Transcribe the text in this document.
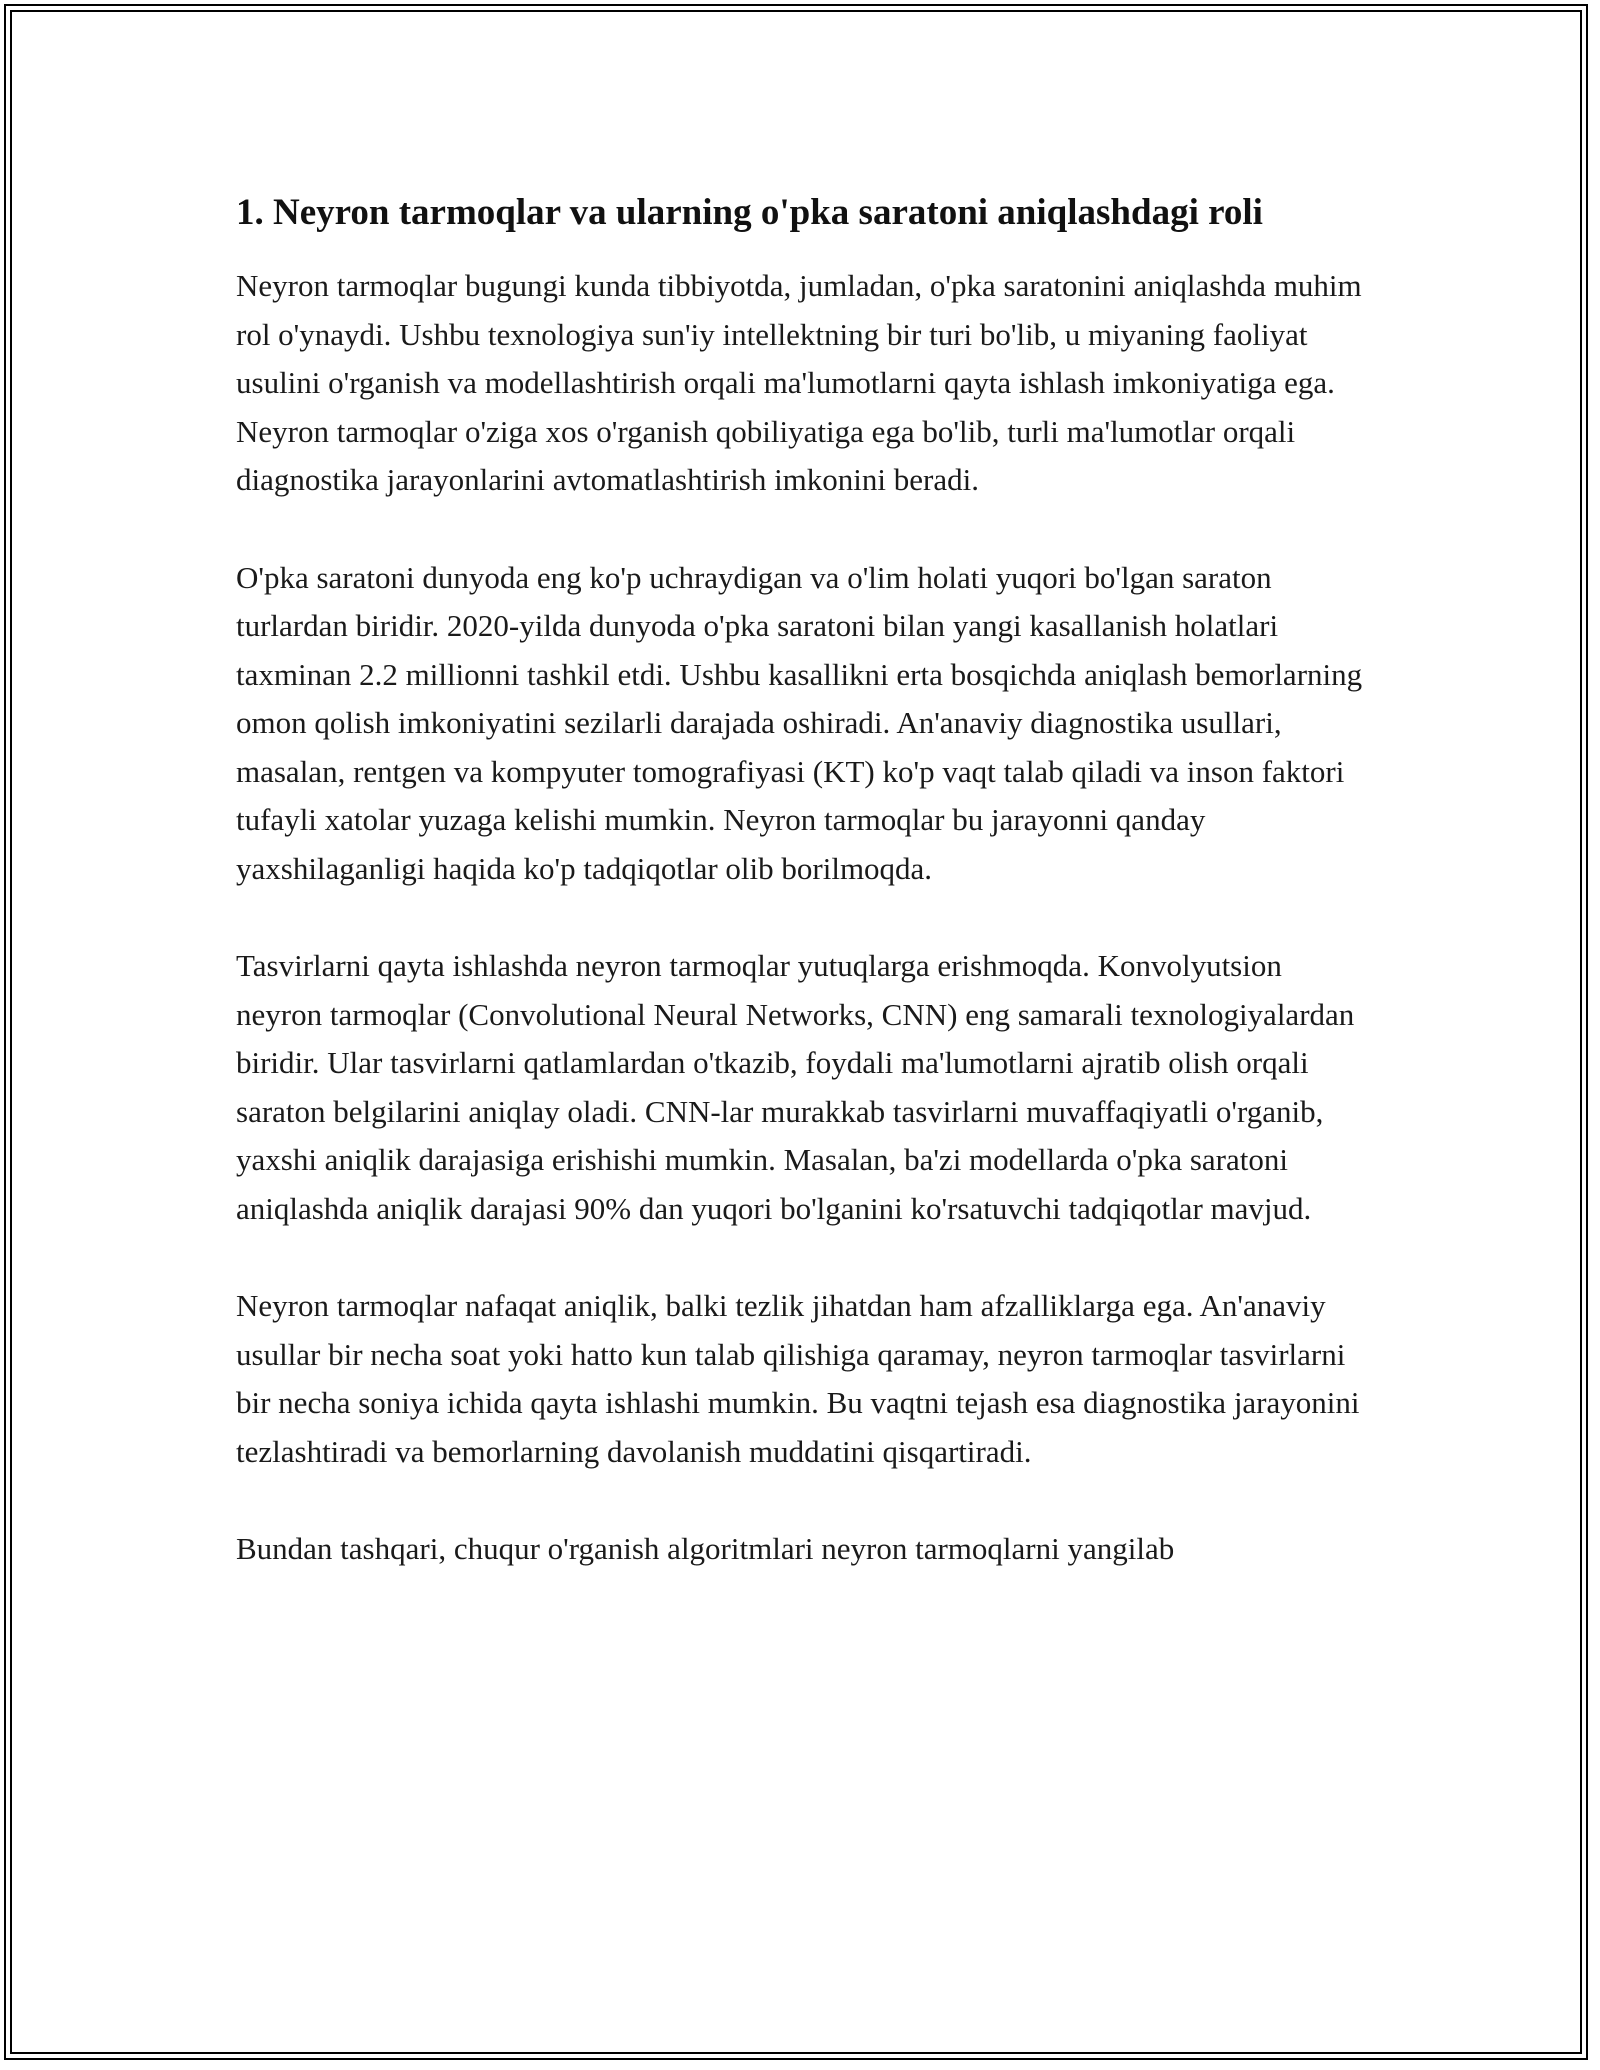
1. Neyron tarmoqlar va ularning o'pka saratoni aniqlashdagi roli

Neyron tarmoqlar bugungi kunda tibbiyotda, jumladan, o'pka saratonini aniqlashda muhim rol o'ynaydi. Ushbu texnologiya sun'iy intellektning bir turi bo'lib, u miyaning faoliyat usulini o'rganish va modellashtirish orqali ma'lumotlarni qayta ishlash imkoniyatiga ega. Neyron tarmoqlar o'ziga xos o'rganish qobiliyatiga ega bo'lib, turli ma'lumotlar orqali diagnostika jarayonlarini avtomatlashtirish imkonini beradi.

O'pka saratoni dunyoda eng ko'p uchraydigan va o'lim holati yuqori bo'lgan saraton turlardan biridir. 2020-yilda dunyoda o'pka saratoni bilan yangi kasallanish holatlari taxminan 2.2 millionni tashkil etdi. Ushbu kasallikni erta bosqichda aniqlash bemorlarning omon qolish imkoniyatini sezilarli darajada oshiradi. An'anaviy diagnostika usullari, masalan, rentgen va kompyuter tomografiyasi (KT) ko'p vaqt talab qiladi va inson faktori tufayli xatolar yuzaga kelishi mumkin. Neyron tarmoqlar bu jarayonni qanday yaxshilaganligi haqida ko'p tadqiqotlar olib borilmoqda.

Tasvirlarni qayta ishlashda neyron tarmoqlar yutuqlarga erishmoqda. Konvolyutsion neyron tarmoqlar (Convolutional Neural Networks, CNN) eng samarali texnologiyalardan biridir. Ular tasvirlarni qatlamlardan o'tkazib, foydali ma'lumotlarni ajratib olish orqali saraton belgilarini aniqlay oladi. CNN-lar murakkab tasvirlarni muvaffaqiyatli o'rganib, yaxshi aniqlik darajasiga erishishi mumkin. Masalan, ba'zi modellarda o'pka saratoni aniqlashda aniqlik darajasi 90% dan yuqori bo'lganini ko'rsatuvchi tadqiqotlar mavjud.

Neyron tarmoqlar nafaqat aniqlik, balki tezlik jihatdan ham afzalliklarga ega. An'anaviy usullar bir necha soat yoki hatto kun talab qilishiga qaramay, neyron tarmoqlar tasvirlarni bir necha soniya ichida qayta ishlashi mumkin. Bu vaqtni tejash esa diagnostika jarayonini tezlashtiradi va bemorlarning davolanish muddatini qisqartiradi.

Bundan tashqari, chuqur o'rganish algoritmlari neyron tarmoqlarni yangilab
